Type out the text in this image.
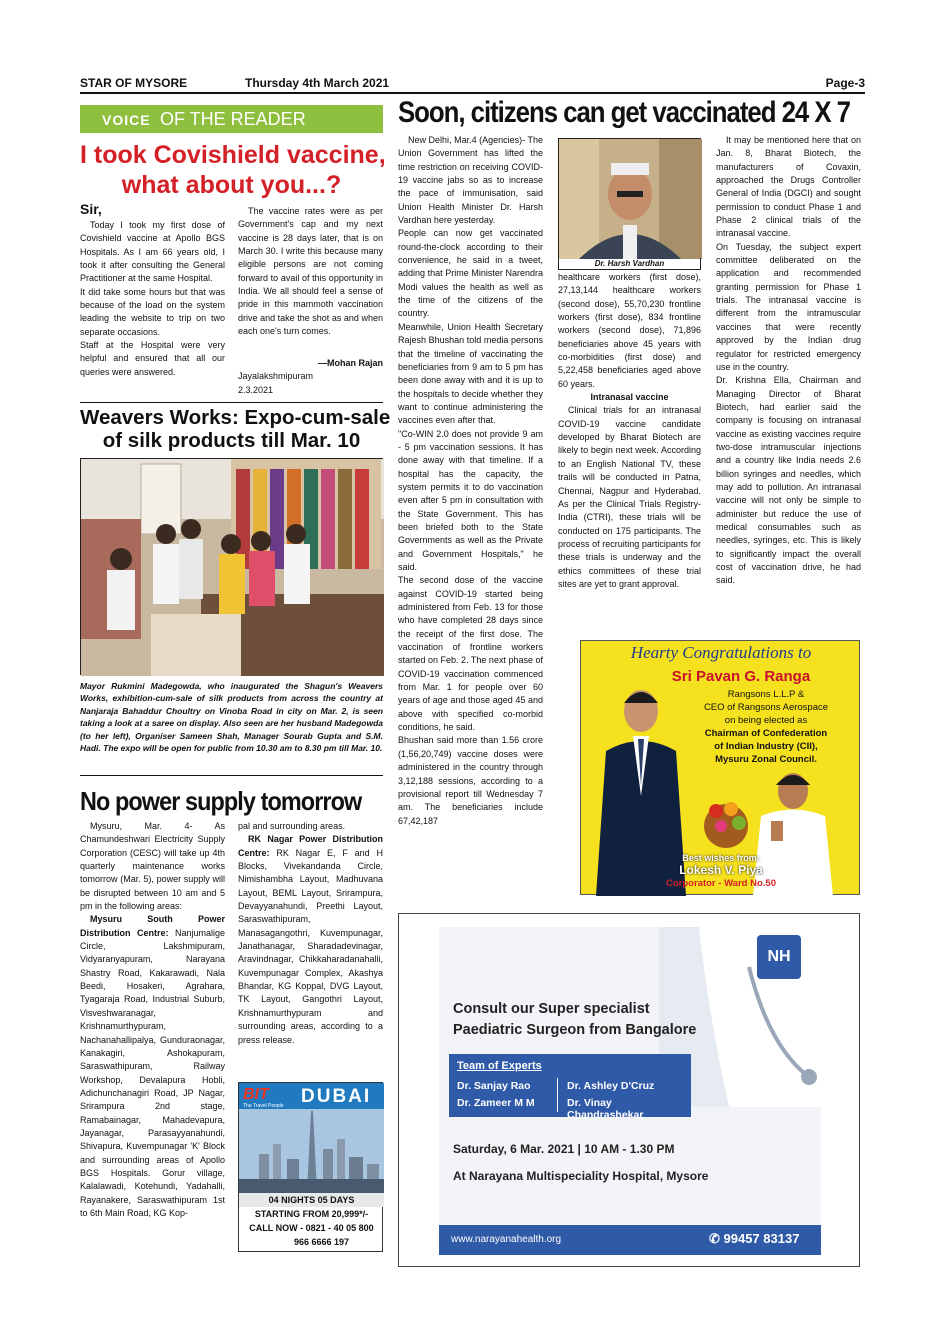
STAR OF MYSORE	Thursday 4th March 2021	Page-3
VOICE OF THE READER
I took Covishield vaccine,
what about you...?
Sir,
Today I took my first dose of Covishield vaccine at Apollo BGS Hospitals. As I am 66 years old, I took it after consulting the General Practitioner at the same Hospital.
It did take some hours but that was because of the load on the system leading the website to trip on two separate occasions.
Staff at the Hospital were very helpful and ensured that all our queries were answered.
The vaccine rates were as per Government's cap and my next vaccine is 28 days later, that is on March 30. I write this because many eligible persons are not coming forward to avail of this opportunity in India. We all should feel a sense of pride in this mammoth vaccination drive and take the shot as and when each one's turn comes.
—Mohan Rajan
Jayalakshmipuram
2.3.2021
Weavers Works: Expo-cum-sale
of silk products till Mar. 10
Mayor Rukmini Madegowda, who inaugurated the Shagun's Weavers Works, exhibition-cum-sale of silk products from across the country at Nanjaraja Bahaddur Choultry on Vinoba Road in city on Mar. 2, is seen taking a look at a saree on display. Also seen are her husband Madegowda (to her left), Organiser Sameen Shah, Manager Sourab Gupta and S.M. Hadi. The expo will be open for public from 10.30 am to 8.30 pm till Mar. 10.
No power supply tomorrow
Mysuru, Mar. 4- As Chamundeshwari Electricity Supply Corporation (CESC) will take up 4th quarterly maintenance works tomorrow (Mar. 5), power supply will be disrupted between 10 am and 5 pm in the following areas:
Mysuru South Power Distribution Centre: Nanjumalige Circle, Lakshmipuram, Vidyaranyapuram, Narayana Shastry Road, Kakarawadi, Nala Beedi, Hosakeri, Agrahara, Tyagaraja Road, Industrial Suburb, Visveshwaranagar, Krishnamurthypuram, Nachanahallipalya, Gunduraonagar, Kanakagiri, Ashokapuram, Saraswathipuram, Railway Workshop, Devalapura Hobli, Adichunchanagiri Road, JP Nagar, Srirampura 2nd stage, Ramabainagar, Mahadevapura, Jayanagar, Parasayyanahundi, Shivapura, Kuvempunagar 'K' Block and surrounding areas of Apollo BGS Hospitals. Gorur village, Kalalawadi, Kotehundi, Yadahalli, Rayanakere, Saraswathipuram 1st to 6th Main Road, KG Kop-
pal and surrounding areas.
RK Nagar Power Distribution Centre: RK Nagar E, F and H Blocks, Vivekandanda Circle, Nimishambha Layout, Madhuvana Layout, BEML Layout, Srirampura, Devayyanahundi, Preethi Layout, Saraswathipuram, Manasagangothri, Kuvempunagar, Janathanagar, Sharadadevinagar, Aravindnagar, Chikkaharadanahalli, Kuvempunagar Complex, Akashya Bhandar, KG Koppal, DVG Layout, TK Layout, Gangothri Layout, Krishnamurthypuram and surrounding areas, according to a press release.
BIT
The Travel People DUBAI
04 NIGHTS 05 DAYS
STARTING FROM 20,999*/-
CALL NOW - 0821 - 40 05 800
966 6666 197
Soon, citizens can get vaccinated 24 X 7
New Delhi, Mar.4 (Agencies)- The Union Government has lifted the time restriction on receiving COVID-19 vaccine jabs so as to increase the pace of immunisation, said Union Health Minister Dr. Harsh Vardhan here yesterday.
People can now get vaccinated round-the-clock according to their convenience, he said in a tweet, adding that Prime Minister Narendra Modi values the health as well as the time of the citizens of the country.
Meanwhile, Union Health Secretary Rajesh Bhushan told media persons that the timeline of vaccinating the beneficiaries from 9 am to 5 pm has been done away with and it is up to the hospitals to decide whether they want to continue administering the vaccines even after that.
"Co-WIN 2.0 does not provide 9 am - 5 pm vaccination sessions. It has done away with that timeline. If a hospital has the capacity, the system permits it to do vaccination even after 5 pm in consultation with the State Government. This has been briefed both to the State Governments as well as the Private and Government Hospitals," he said.
The second dose of the vaccine against COVID-19 started being administered from Feb. 13 for those who have completed 28 days since the receipt of the first dose. The vaccination of frontline workers started on Feb. 2. The next phase of COVID-19 vaccination commenced from Mar. 1 for people over 60 years of age and those aged 45 and above with specified co-morbid conditions, he said.
Bhushan said more than 1.56 crore (1,56,20,749) vaccine doses were administered in the country through 3,12,188 sessions, according to a provisional report till Wednesday 7 am. The beneficiaries include 67,42,187
Dr. Harsh Vardhan
healthcare workers (first dose), 27,13,144 healthcare workers (second dose), 55,70,230 frontline workers (first dose), 834 frontline workers (second dose), 71,896 beneficiaries above 45 years with co-morbidities (first dose) and 5,22,458 beneficiaries aged above 60 years.
Intranasal vaccine
Clinical trials for an intranasal COVID-19 vaccine candidate developed by Bharat Biotech are likely to begin next week. According to an English National TV, these trails will be conducted in Patna, Chennai, Nagpur and Hyderabad. As per the Clinical Trials Registry-India (CTRI), these trials will be conducted on 175 participants. The process of recruiting participants for these trials is underway and the ethics committees of these trial sites are yet to grant approval.
It may be mentioned here that on Jan. 8, Bharat Biotech, the manufacturers of Covaxin, approached the Drugs Controller General of India (DGCI) and sought permission to conduct Phase 1 and Phase 2 clinical trials of the intranasal vaccine.
On Tuesday, the subject expert committee deliberated on the application and recommended granting permission for Phase 1 trials. The intranasal vaccine is different from the intramuscular vaccines that were recently approved by the Indian drug regulator for restricted emergency use in the country.
Dr. Krishna Ella, Chairman and Managing Director of Bharat Biotech, had earlier said the company is focusing on intranasal vaccine as existing vaccines require two-dose intramuscular injections and a country like India needs 2.6 billion syringes and needles, which may add to pollution. An intranasal vaccine will not only be simple to administer but reduce the use of medical consumables such as needles, syringes, etc. This is likely to significantly impact the overall cost of vaccination drive, he had said.
Hearty Congratulations to
Sri Pavan G. Ranga
Rangsons L.L.P &
CEO of Rangsons Aerospace
on being elected as
Chairman of Confederation
of Indian Industry (CII),
Mysuru Zonal Council.
Best wishes from:
Lokesh V. Piya
Corporator - Ward No.50
NH
Consult our Super specialist
Paediatric Surgeon from Bangalore
Team of Experts
Dr. Sanjay Rao	Dr. Ashley D'Cruz
Dr. Zameer M M	Dr. Vinay Chandrashekar
Saturday, 6 Mar. 2021 | 10 AM - 1.30 PM
At Narayana Multispeciality Hospital, Mysore
www.narayanahealth.org	✆ 99457 83137
